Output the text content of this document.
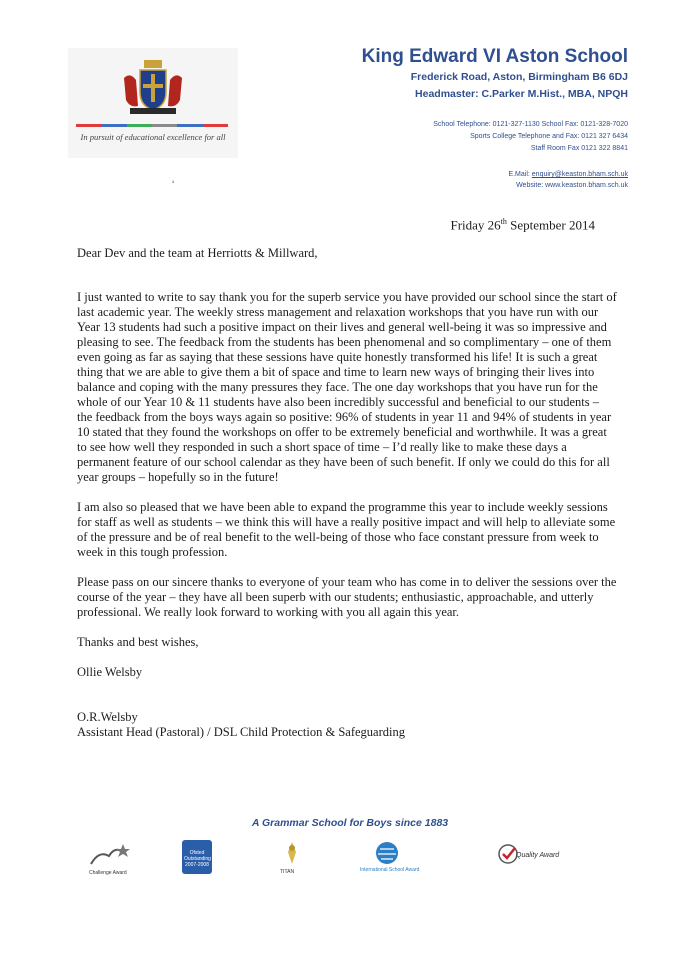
In pursuit of educational excellence for all
King Edward VI Aston School
Frederick Road, Aston, Birmingham B6 6DJ
Headmaster: C.Parker M.Hist., MBA, NPQH
School Telephone: 0121-327-1130 School Fax: 0121-328-7020
Sports College Telephone and Fax: 0121 327 6434
Staff Room Fax 0121 322 8841
E.Mail: enquiry@keaston.bham.sch.uk
Website: www.keaston.bham.sch.uk
ᵃ
Friday 26th September 2014

Dear Dev and the team at Herriotts & Millward,

I just wanted to write to say thank you for the superb service you have provided our school since the start of last academic year. The weekly stress management and relaxation workshops that you have run with our Year 13 students had such a positive impact on their lives and general well-being it was so impressive and pleasing to see. The feedback from the students has been phenomenal and so complimentary – one of them even going as far as saying that these sessions have quite honestly transformed his life! It is such a great thing that we are able to give them a bit of space and time to learn new ways of bringing their lives into balance and coping with the many pressures they face. The one day workshops that you have run for the whole of our Year 10 & 11 students have also been incredibly successful and beneficial to our students – the feedback from the boys ways again so positive: 96% of students in year 11 and 94% of students in year 10 stated that they found the workshops on offer to be extremely beneficial and worthwhile. It was a great to see how well they responded in such a short space of time – I’d really like to make these days a permanent feature of our school calendar as they have been of such benefit. If only we could do this for all year groups – hopefully so in the future!

I am also so pleased that we have been able to expand the programme this year to include weekly sessions for staff as well as students – we think this will have a really positive impact and will help to alleviate some of the pressure and be of real benefit to the well-being of those who face constant pressure from week to week in this tough profession.

Please pass on our sincere thanks to everyone of your team who has come in to deliver the sessions over the course of the year – they have all been superb with our students; enthusiastic, approachable, and utterly professional. We really look forward to working with you all again this year.

Thanks and best wishes,

Ollie Welsby

O.R.Welsby

Assistant Head (Pastoral) / DSL Child Protection & Safeguarding

A Grammar School for Boys since 1883
Challenge Award
Ofsted Outstanding 2007-2008
TITAN	International School Award
Quality Award
